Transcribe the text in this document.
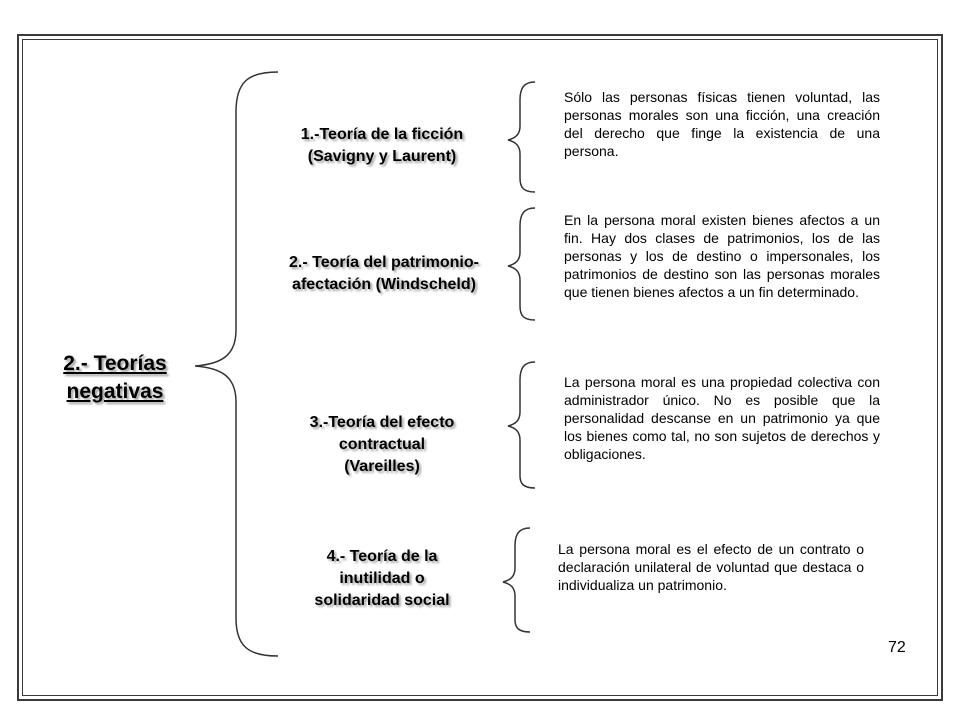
2.- Teorías
negativas
1.-Teoría de la ficción
(Savigny y Laurent)
Sólo las personas físicas tienen voluntad, las personas morales son una ficción, una creación del derecho que finge la existencia de una persona.
2.- Teoría del patrimonio-
afectación (Windscheld)
En la persona moral existen bienes afectos a un fin. Hay dos clases de patrimonios, los de las personas y los de destino o impersonales, los patrimonios de destino son las personas morales que tienen bienes afectos a un fin determinado.
3.-Teoría del efecto
contractual
(Vareilles)
La persona moral es una propiedad colectiva con administrador único. No es posible que la personalidad descanse en un patrimonio ya que los bienes como tal, no son sujetos de derechos y obligaciones.
4.- Teoría de la
inutilidad o
solidaridad social
La persona moral es el efecto de un contrato o declaración unilateral de voluntad que destaca o individualiza un patrimonio.
72
